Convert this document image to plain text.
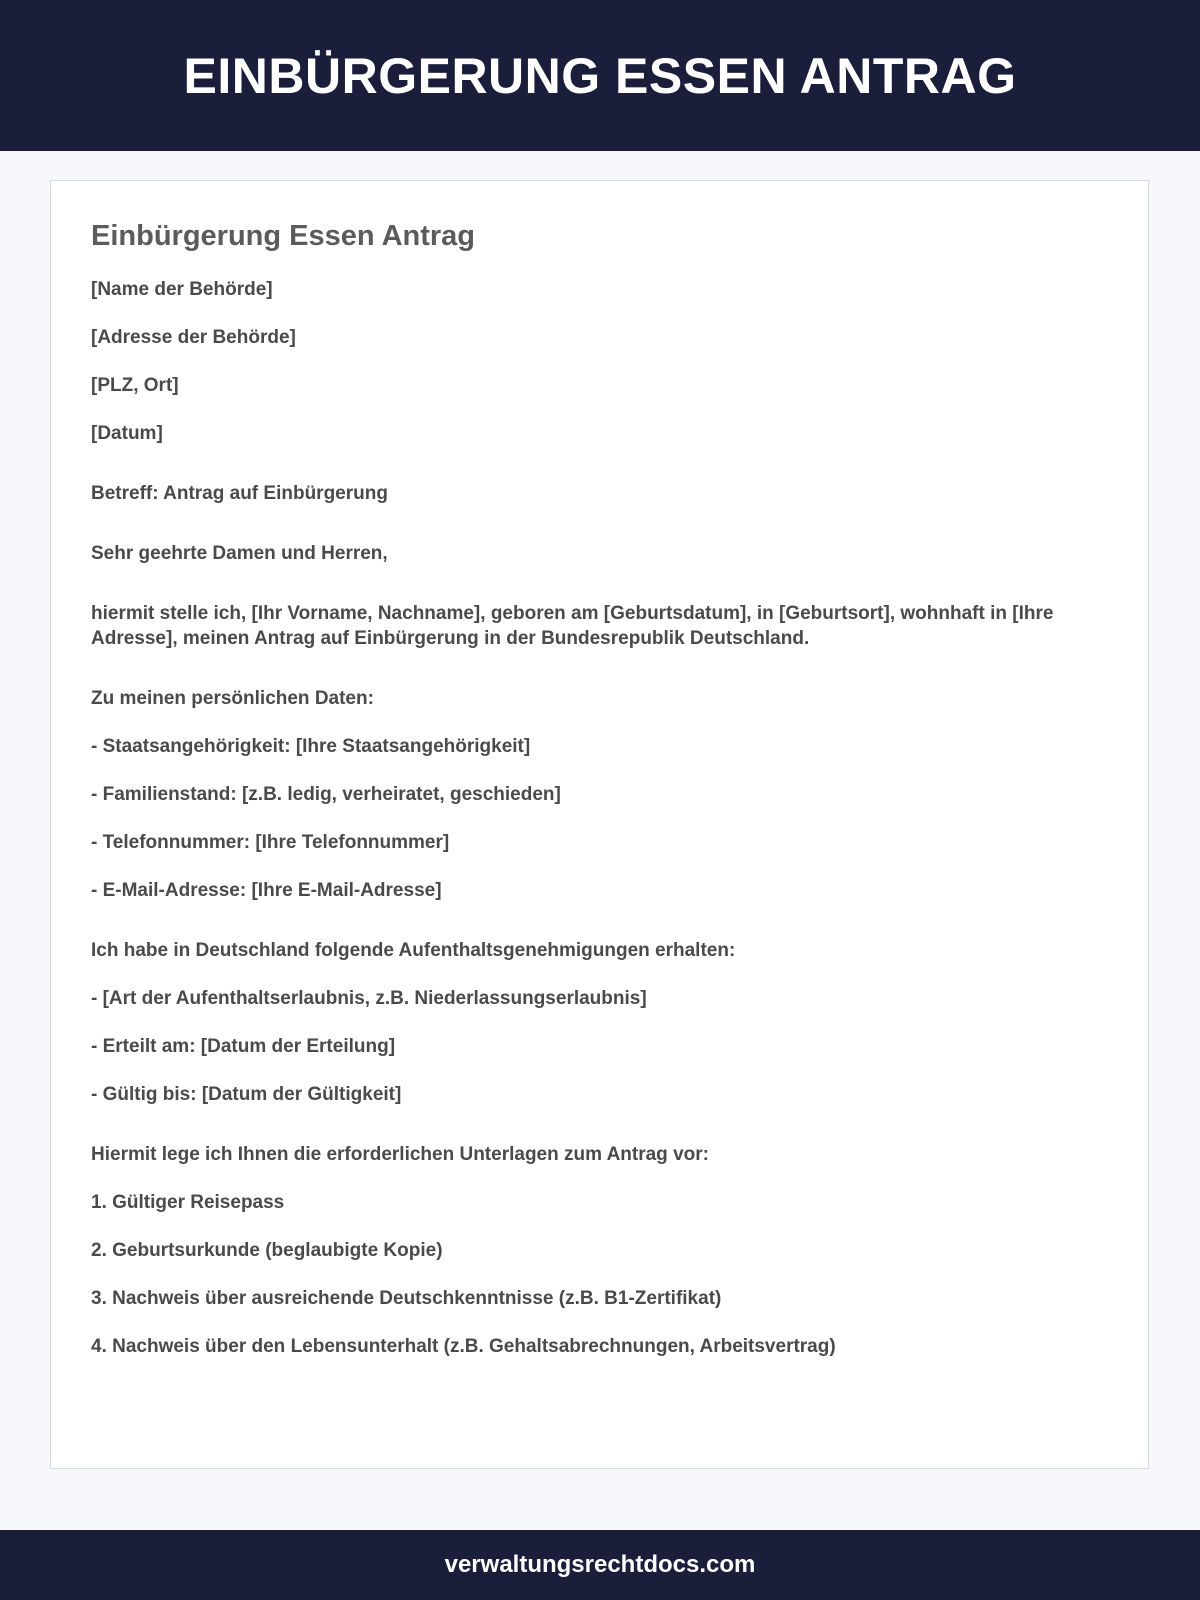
EINBÜRGERUNG ESSEN ANTRAG
Einbürgerung Essen Antrag

[Name der Behörde]

[Adresse der Behörde]

[PLZ, Ort]

[Datum]

Betreff: Antrag auf Einbürgerung

Sehr geehrte Damen und Herren,

hiermit stelle ich, [Ihr Vorname, Nachname], geboren am [Geburtsdatum], in [Geburtsort], wohnhaft in [Ihre Adresse], meinen Antrag auf Einbürgerung in der Bundesrepublik Deutschland.

Zu meinen persönlichen Daten:

- Staatsangehörigkeit: [Ihre Staatsangehörigkeit]

- Familienstand: [z.B. ledig, verheiratet, geschieden]

- Telefonnummer: [Ihre Telefonnummer]

- E-Mail-Adresse: [Ihre E-Mail-Adresse]

Ich habe in Deutschland folgende Aufenthaltsgenehmigungen erhalten:

- [Art der Aufenthaltserlaubnis, z.B. Niederlassungserlaubnis]

- Erteilt am: [Datum der Erteilung]

- Gültig bis: [Datum der Gültigkeit]

Hiermit lege ich Ihnen die erforderlichen Unterlagen zum Antrag vor:

1. Gültiger Reisepass

2. Geburtsurkunde (beglaubigte Kopie)

3. Nachweis über ausreichende Deutschkenntnisse (z.B. B1-Zertifikat)

4. Nachweis über den Lebensunterhalt (z.B. Gehaltsabrechnungen, Arbeitsvertrag)

verwaltungsrechtdocs.com
